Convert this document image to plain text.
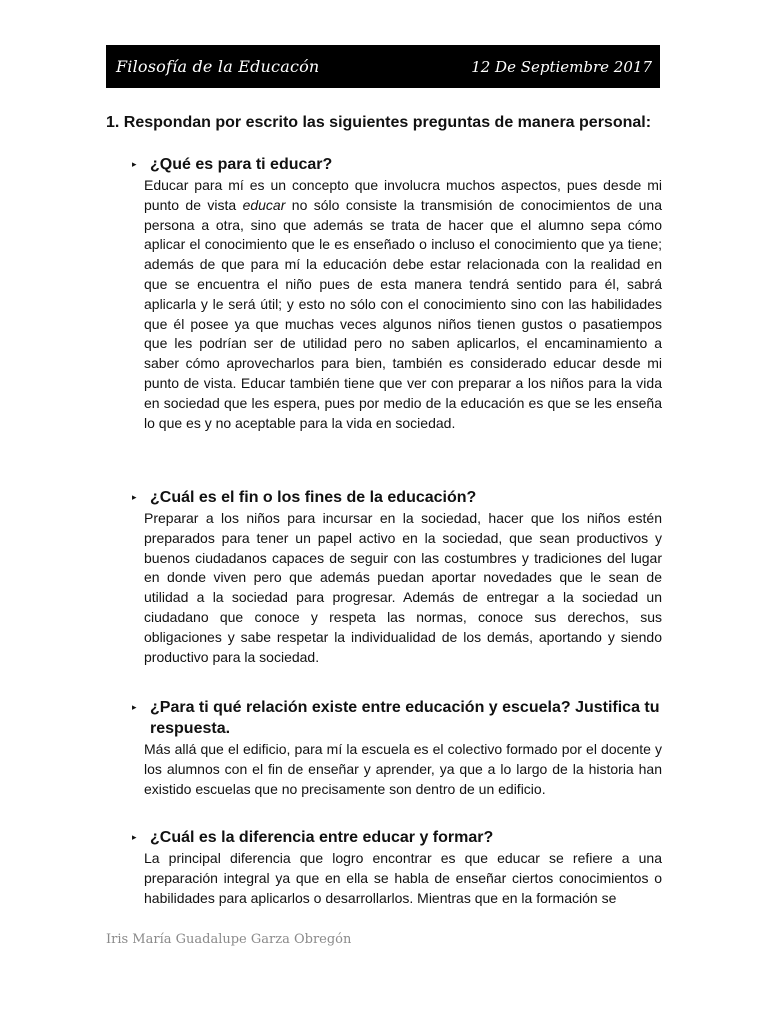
Filosofía de la Educacón	12 De Septiembre 2017

1. Respondan por escrito las siguientes preguntas de manera personal:

▸ ¿Qué es para ti educar?

Educar para mí es un concepto que involucra muchos aspectos, pues desde mi punto de vista educar no sólo consiste la transmisión de conocimientos de una persona a otra, sino que además se trata de hacer que el alumno sepa cómo aplicar el conocimiento que le es enseñado o incluso el conocimiento que ya tiene; además de que para mí la educación debe estar relacionada con la realidad en que se encuentra el niño pues de esta manera tendrá sentido para él, sabrá aplicarla y le será útil; y esto no sólo con el conocimiento sino con las habilidades que él posee ya que muchas veces algunos niños tienen gustos o pasatiempos que les podrían ser de utilidad pero no saben aplicarlos, el encaminamiento a saber cómo aprovecharlos para bien, también es considerado educar desde mi punto de vista. Educar también tiene que ver con preparar a los niños para la vida en sociedad que les espera, pues por medio de la educación es que se les enseña lo que es y no aceptable para la vida en sociedad.

▸ ¿Cuál es el fin o los fines de la educación?

Preparar a los niños para incursar en la sociedad, hacer que los niños estén preparados para tener un papel activo en la sociedad, que sean productivos y buenos ciudadanos capaces de seguir con las costumbres y tradiciones del lugar en donde viven pero que además puedan aportar novedades que le sean de utilidad a la sociedad para progresar. Además de entregar a la sociedad un ciudadano que conoce y respeta las normas, conoce sus derechos, sus obligaciones y sabe respetar la individualidad de los demás, aportando y siendo productivo para la sociedad.

▸ ¿Para ti qué relación existe entre educación y escuela? Justifica tu respuesta.

Más allá que el edificio, para mí la escuela es el colectivo formado por el docente y los alumnos con el fin de enseñar y aprender, ya que a lo largo de la historia han existido escuelas que no precisamente son dentro de un edificio.

▸ ¿Cuál es la diferencia entre educar y formar?

La principal diferencia que logro encontrar es que educar se refiere a una preparación integral ya que en ella se habla de enseñar ciertos conocimientos o habilidades para aplicarlos o desarrollarlos. Mientras que en la formación se

Iris María Guadalupe Garza Obregón
